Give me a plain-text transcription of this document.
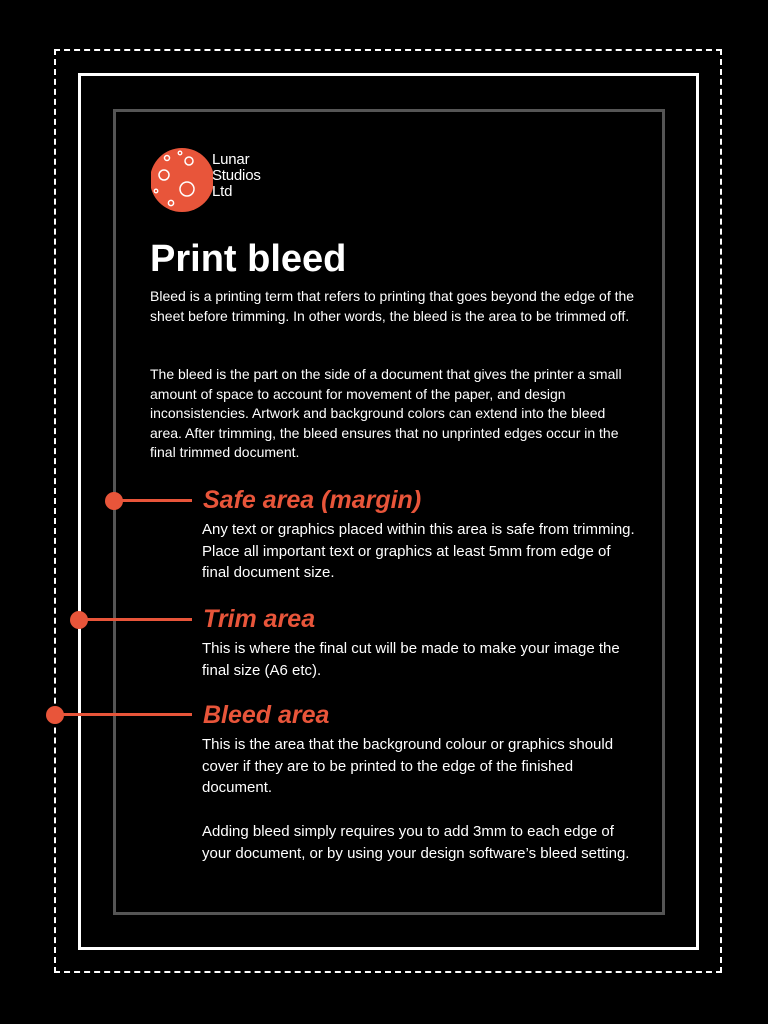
Lunar
Studios
Ltd
Print bleed

Bleed is a printing term that refers to printing that goes beyond the edge of the sheet before trimming. In other words, the bleed is the area to be trimmed off.

The bleed is the part on the side of a document that gives the printer a small amount of space to account for movement of the paper, and design inconsistencies. Artwork and background colors can extend into the bleed area. After trimming, the bleed ensures that no unprinted edges occur in the final trimmed document.

Safe area (margin)

Any text or graphics placed within this area is safe from trimming. Place all important text or graphics at least 5mm from edge of final document size.

Trim area

This is where the final cut will be made to make your image the final size (A6 etc).

Bleed area

This is the area that the background colour or graphics should cover if they are to be printed to the edge of the finished document.

Adding bleed simply requires you to add 3mm to each edge of your document, or by using your design software’s bleed setting.
